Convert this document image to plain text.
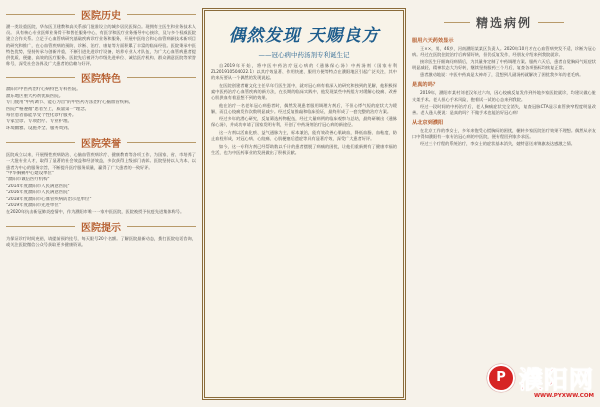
医院历史
濮一类设重医院，华东医卫建教和高关系部门批准设立的城乡居民医保点。现拥有主医生和业务技术人员。 具有核心专业医师业务骨干和普任服务中心，有医学和医疗业务指导中心接诊，及与多个权威医院建立合作关系。立足于心血管病研究基础疾病诊疗业务和服务，开展中医结合和心血管病新技术新项目的研究和推广，在心血管疾病的预防、诊断、治疗、康复等方面积累了丰富的临床经验。医院秉承中医特色优势，坚持传承与创新并重，不断引进先进诊疗设备，培养专业人才队伍，为广大心血管病患者提供优质、便捷、高效的医疗服务。医院先后被评为市级先进单位、诚信医疗机构、群众满意医院等荣誉称号，深受社会各界及广大患者的信赖与好评。
医院特色
濮阳市中医药治疗心病特色专科医院。
濮东地区重大药剂优质医院。
专门使用"中药调节、能心为旨"的中医药方法治疗心脑血管疾病。
医院严格遵循"患者至上，质量第一"理念。
每位患者都能享受个性化诊疗服务。
专家会诊、专项治疗、专业护理。
环境幽雅、设施齐全、服务周到。
医院荣誉
医院成立以来，开展慢性疾病防治、心脑血管疾病诊疗、健康教育等各项工作，为国家、省、市培养了一大批专业人才，取得了显著的社会效益和经济效益，多次获得上级部门表彰。医院坚持以人为本、以患者为中心的服务宗旨，不断提升医疗服务质量，赢得了广大患者的一致好评。
"中华胸痛中心建设单位"
"濮阳市诚信医疗机构"
"2014年度濮阳市人民满意医院"
"2016年度濮阳市人民满意医院"
"2018年度濮阳市心血管疾病防治示范单位"
"2019年度濮阳市先进单位"
在2020年抗击新冠肺炎疫情中，作为濮阳市唯一一家中医医院，医院被授予抗疫先进集体称号。
医院提示
为保证诊疗时间充裕，请提前预约挂号，每天限号20个名额。了解医院最新动态，拨打医院电话咨询，或关注医院微信公众号获取更多健康资讯。
偶然发现 天赐良方
——冠心病中药汤剂专利诞生记

自2019年开始，将中医中药治疗冠心病的《通脉保心汤》中药汤剂（国家专利ZL201910504022.1）以其疗效显著、作用快速、服用方便等特点在濮阳地区引起广泛关注，其中的来历要从一个偶然的发现说起。

在医院创建者谢文化主任早年行医生涯中，就对冠心病有着深入的研究和独到的见解，他积极探索中医药治疗心血管疾病的新方法，在长期的临床实践中，他发现某些中药组方对缓解心绞痛、改善心肌供血有着意想不到的效果。

他在治疗一名老年冠心病患者时，偶然发现患者服用调理方剂后，不但心悸气短的症状大为缓解，而且心绞痛发作次数明显减少。经过反复推敲和临床验证，最终形成了一套完整的治疗方案。

经过多年的潜心研究，反复筛选药物配伍，经过大量病例的临床观察与总结，最终研制出《通脉保心汤》，并成功申请了国家发明专利，开创了中药汤剂治疗冠心病的新途径。

这一方剂以活血化瘀、益气通脉为主，标本兼治，能有效改善心肌缺血，降低血脂、血粘度，防止血栓形成，对冠心病、心绞痛、心肌梗塞后遗症等具有显著疗效，深受广大患者好评。

如今，这一专利方剂已经帮助数以千计的患者摆脱了病痛的困扰，让他们重新拥有了健康幸福的生活，也为中医药事业的发展做出了积极贡献。

精选病例
服用六天药效显示

王××，男，46岁，河南濮阳某某区负责人。2020年10月才在心血管病突发不适，诊断为冠心病。经过在医院住院治疗后病情好转，但仍反复发作，经朋友介绍来到我院就诊。

接诊医生仔细询问病情后，为其量身定制了中药调理方案。服药六天后，患者自觉胸闷气短症状明显减轻，精神状态大为好转，继续坚持服药三个月后，复查各项指标均恢复正常。

患者激动地说：中医中药真是太神奇了，没想到几副汤药就解决了困扰我多年的老毛病。

是真的吗？

2019年，濮阳市某村刘老汉年过六旬，因心绞痛反复发作到外地多家医院就诊，均建议做心脏支架手术。老人担心手术风险，抱着试一试的心态来到我院。

经过一段时间的中药治疗后，老人胸痛症状完全消失，复查冠脉CTA显示血管狭窄程度明显改善。老人逢人便说：是真的吗？不做手术也能治好冠心病！

从北京到濮阳

在北京工作的李女士，多年来饱受心慌胸闷的困扰，辗转多家医院治疗效果不理想。偶然从亲友口中得知濮阳有一家专治冠心病的中医院，便专程回到家乡求医。

经过三个疗程的系统治疗，李女士的症状基本消失，她特意送来锦旗表达感激之情。

P 濮阳网
WWW.PYXWW.COM
